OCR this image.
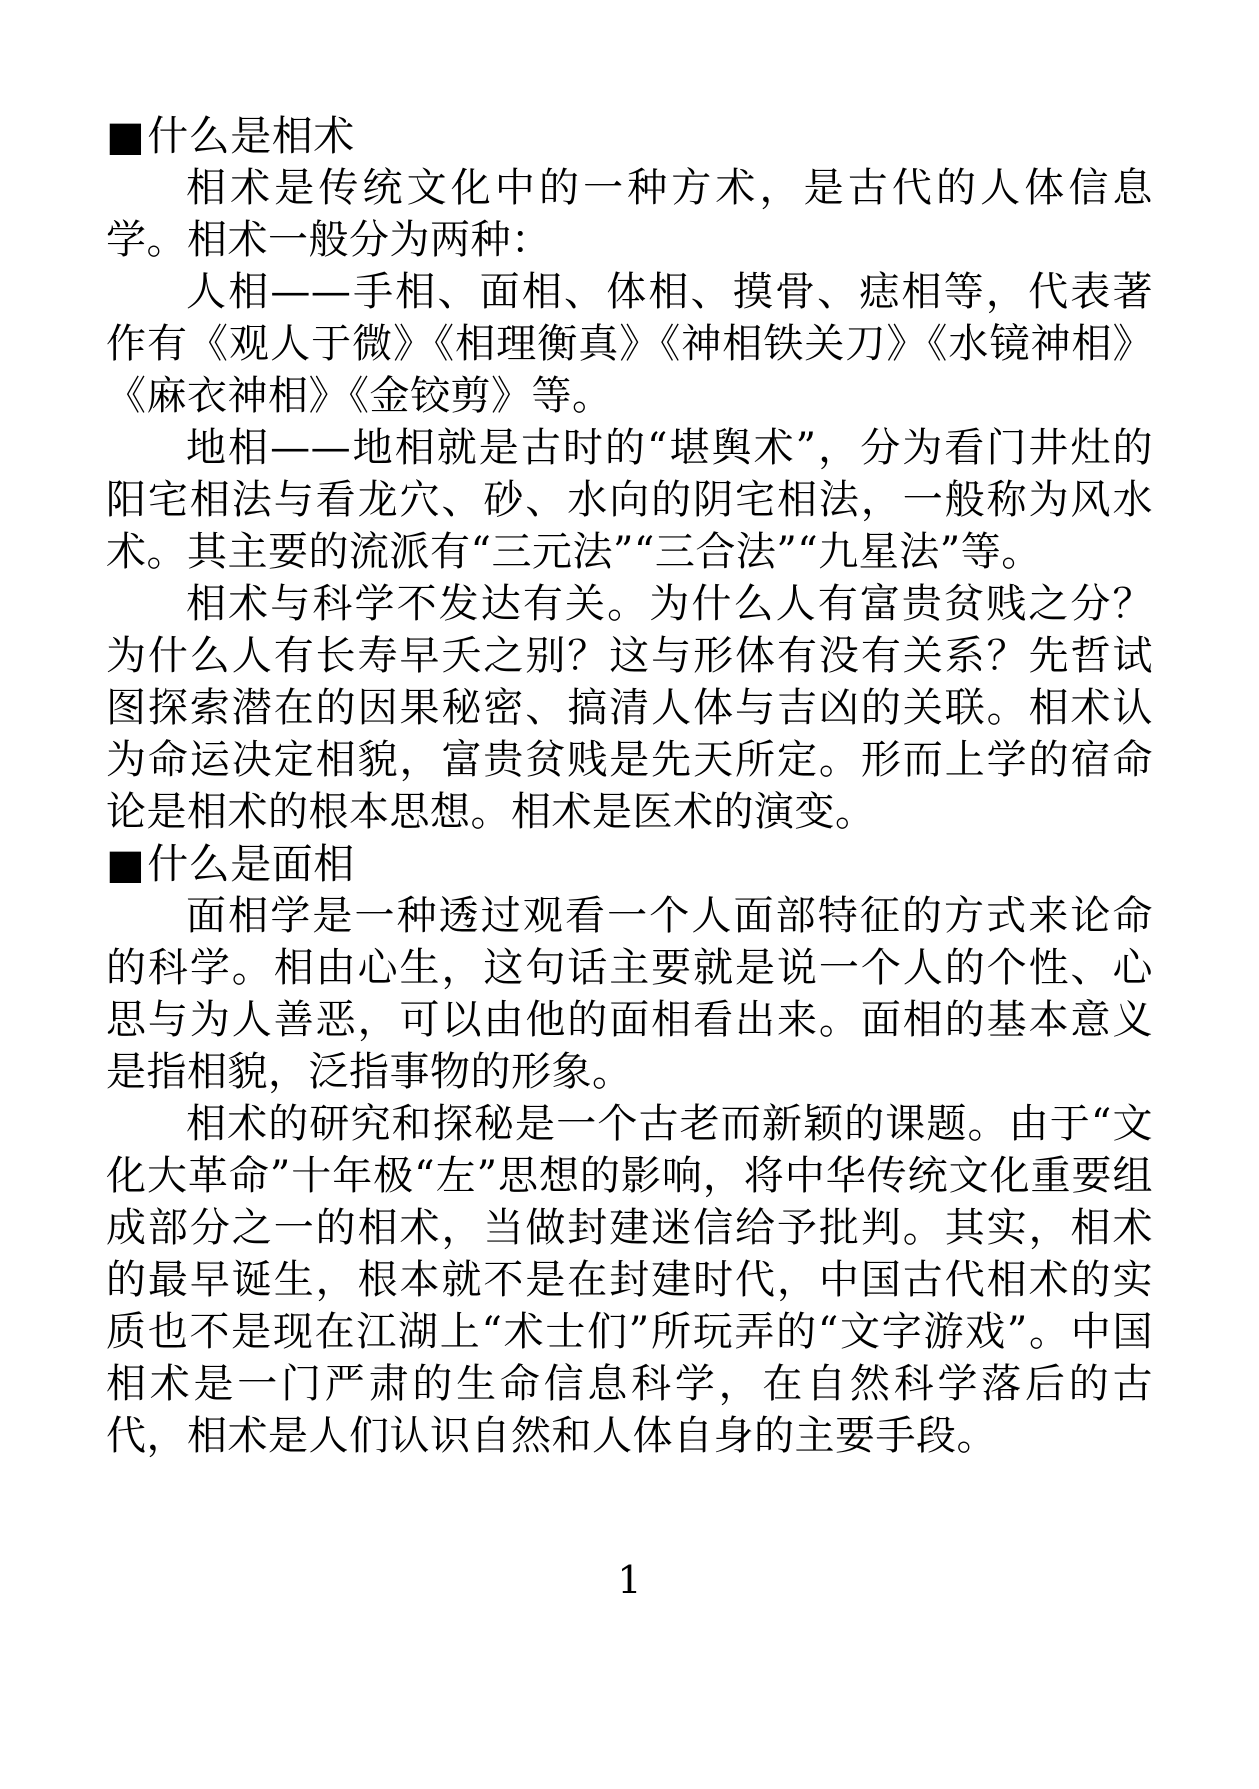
■什么是相术

相术是传统文化中的一种方术，是古代的人体信息学。相术一般分为两种：

人相——手相、面相、体相、摸骨、痣相等，代表著作有《观人于微》《相理衡真》《神相铁关刀》《水镜神相》《麻衣神相》《金铰剪》等。

地相——地相就是古时的“堪舆术”，分为看门井灶的阳宅相法与看龙穴、砂、水向的阴宅相法，一般称为风水术。其主要的流派有“三元法”“三合法”“九星法”等。

相术与科学不发达有关。为什么人有富贵贫贱之分？为什么人有长寿早夭之别？这与形体有没有关系？先哲试图探索潜在的因果秘密、搞清人体与吉凶的关联。相术认为命运决定相貌，富贵贫贱是先天所定。形而上学的宿命论是相术的根本思想。相术是医术的演变。

■什么是面相

面相学是一种透过观看一个人面部特征的方式来论命的科学。相由心生，这句话主要就是说一个人的个性、心思与为人善恶，可以由他的面相看出来。面相的基本意义是指相貌，泛指事物的形象。

相术的研究和探秘是一个古老而新颖的课题。由于“文化大革命”十年极“左”思想的影响，将中华传统文化重要组成部分之一的相术，当做封建迷信给予批判。其实，相术的最早诞生，根本就不是在封建时代，中国古代相术的实质也不是现在江湖上“术士们”所玩弄的“文字游戏”。中国相术是一门严肃的生命信息科学，在自然科学落后的古代，相术是人们认识自然和人体自身的主要手段。

1
